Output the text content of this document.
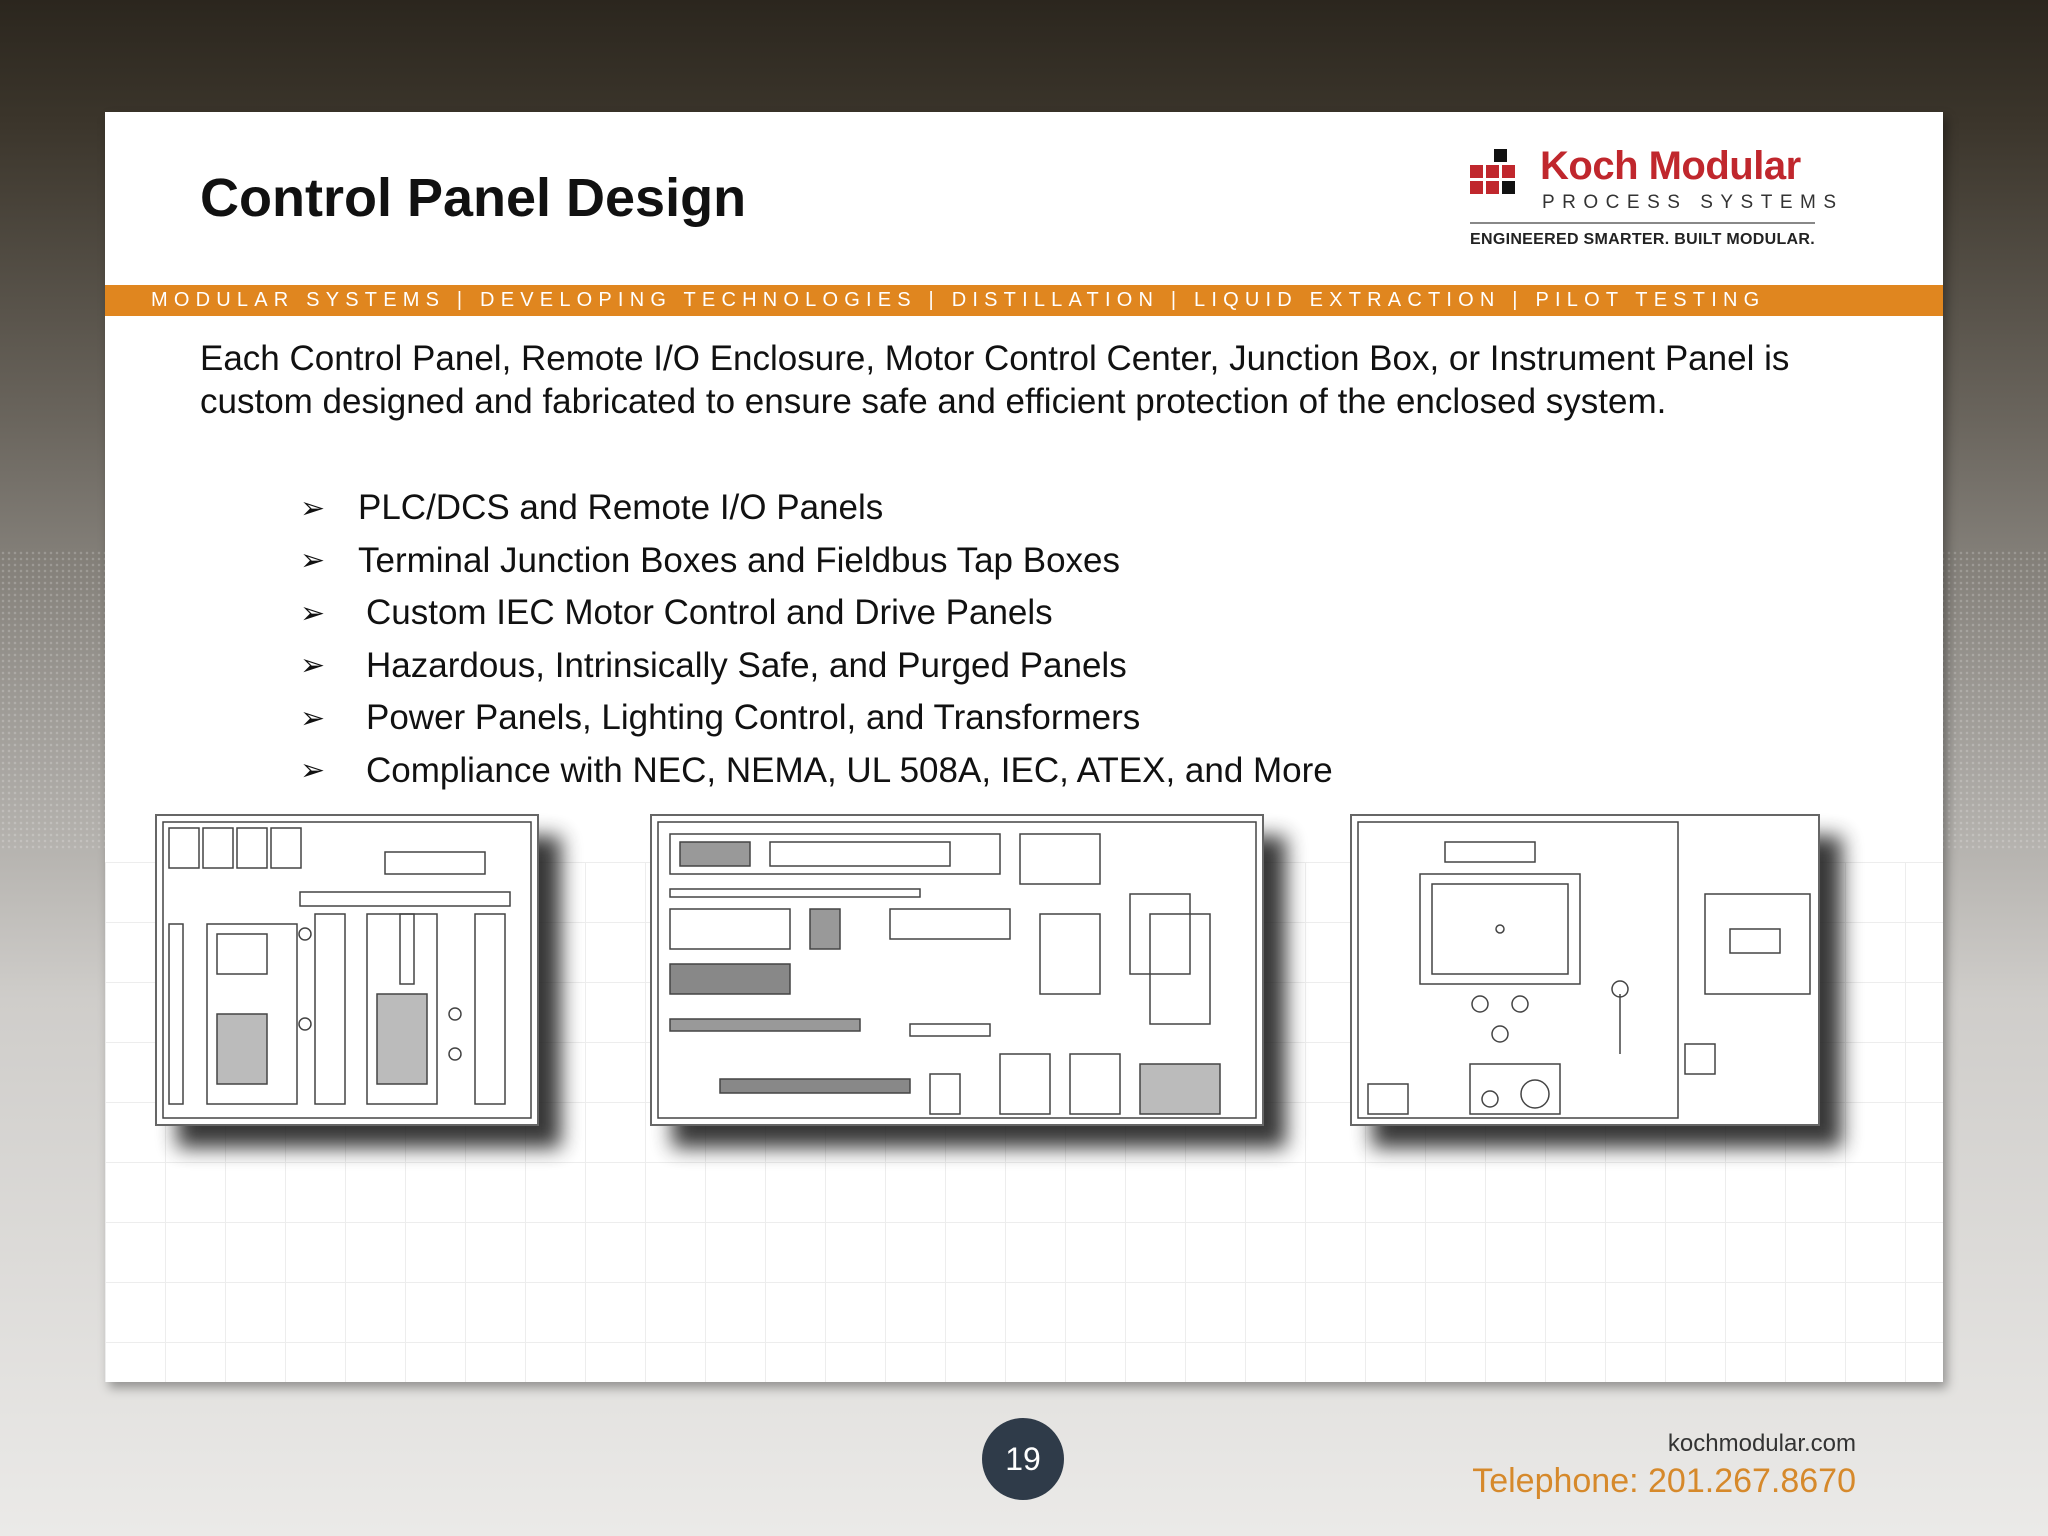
Control Panel Design
Koch Modular
PROCESS SYSTEMS
ENGINEERED SMARTER. BUILT MODULAR.
MODULAR SYSTEMS | DEVELOPING TECHNOLOGIES | DISTILLATION | LIQUID EXTRACTION | PILOT TESTING
Each Control Panel, Remote I/O Enclosure, Motor Control Center, Junction Box, or Instrument Panel is custom designed and fabricated to ensure safe and efficient protection of the enclosed system.
➢ PLC/DCS and Remote I/O Panels
➢ Terminal Junction Boxes and Fieldbus Tap Boxes
➢	Custom IEC Motor Control and Drive Panels
➢	Hazardous, Intrinsically Safe, and Purged Panels
➢	Power Panels, Lighting Control, and Transformers
➢	Compliance with NEC, NEMA, UL 508A, IEC, ATEX, and More
19	kochmodular.com
Telephone: 201.267.8670
